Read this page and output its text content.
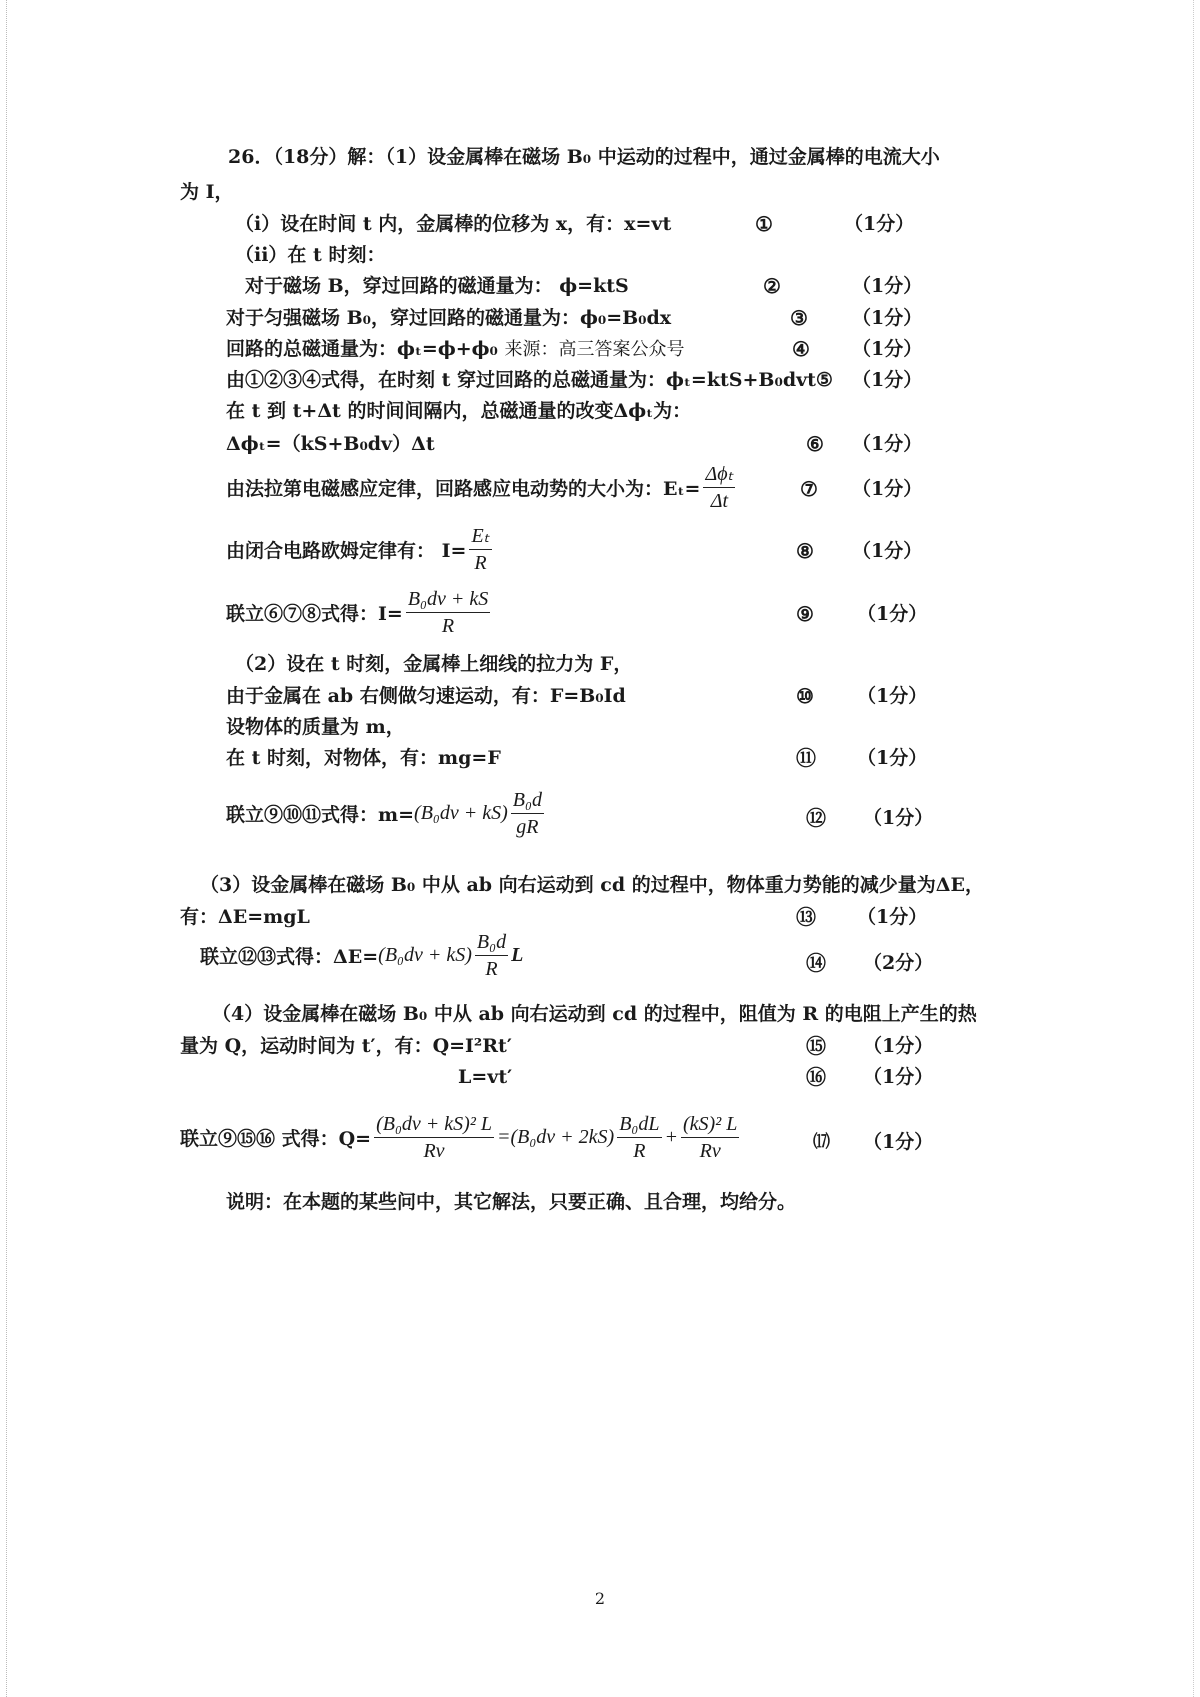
26．（18分）解：（1）设金属棒在磁场 B₀ 中运动的过程中，通过金属棒的电流大小
为 I，
（i）设在时间 t 内，金属棒的位移为 x，有：x=vt
（ii）在 t 时刻：
对于磁场 B，穿过回路的磁通量为： ϕ=ktS
对于匀强磁场 B₀，穿过回路的磁通量为：ϕ₀=B₀dx
回路的总磁通量为：ϕₜ=ϕ+ϕ₀ 来源：高三答案公众号
由①②③④式得，在时刻 t 穿过回路的总磁通量为：ϕₜ=ktS+B₀dvt⑤
在 t 到 t+Δt 的时间间隔内，总磁通量的改变Δϕₜ为：
Δϕₜ=（kS+B₀dv）Δt
由法拉第电磁感应定律，回路感应电动势的大小为：$E_t= \frac{\text{Δϕₜ}}{\Delta t}$
由闭合电路欧姆定律有： $I= \frac{\text{Eₜ}}{R}$
联立⑥⑦⑧式得：$I= \frac{\text{B₀dv + kS}}{R}$
（2）设在 t 时刻，金属棒上细线的拉力为 F，
由于金属在 ab 右侧做匀速运动，有：F=B₀Id
设物体的质量为 m，
在 t 时刻，对物体，有：mg=F
联立⑨⑩⑪式得：$m= (B_0dv + kS) \frac{\text{B₀d}}{gR}$
（3）设金属棒在磁场 B₀ 中从 ab 向右运动到 cd 的过程中，物体重力势能的减少量为ΔE，
有：ΔE=mgL
联立⑫⑬式得：$\Delta E= (B_0dv + kS) \frac{\text{B₀d}}{R}$ L
（4）设金属棒在磁场 B₀ 中从 ab 向右运动到 cd 的过程中，阻值为 R 的电阻上产生的热
量为 Q，运动时间为 t′，有：Q=I²Rt′
L=vt′
联立⑨⑮⑯ 式得：$Q= \frac{\text{(B₀dv + kS)² L}}{Rv} =(B_0dv + 2kS) \frac{\text{B₀dL}}{R} + \frac{\text{(kS)² L}}{Rv}$
说明：在本题的某些问中，其它解法，只要正确、且合理，均给分。
①
②
③
④
⑥
⑦
⑧
⑨
⑩
⑪
⑫
⑬
⑭
⑮
⑯
⒄
（1分）
（1分）
（1分）
（1分）
（1分）
（1分）
（1分）
（1分）
（1分）
（1分）
（1分）
（1分）
（1分）
（2分）
（1分）
（1分）
（1分）
2
